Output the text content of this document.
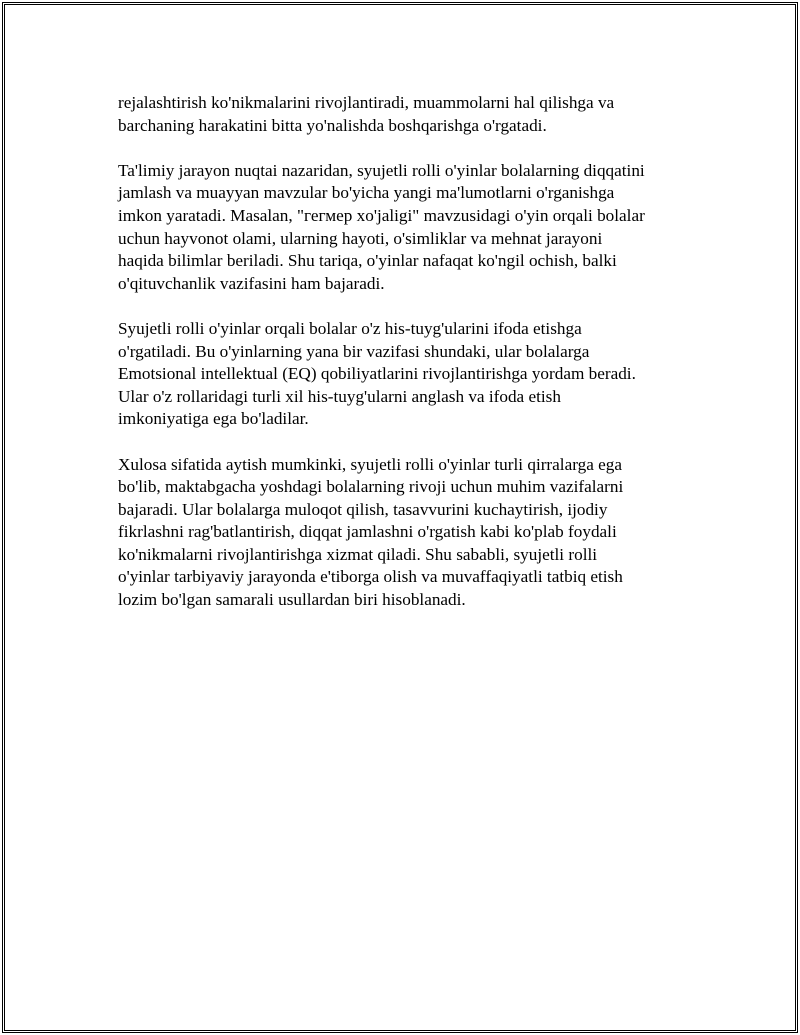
rejalashtirish ko'nikmalarini rivojlantiradi, muammolarni hal qilishga va
barchaning harakatini bitta yo'nalishda boshqarishga o'rgatadi.

Ta'limiy jarayon nuqtai nazaridan, syujetli rolli o'yinlar bolalarning diqqatini
jamlash va muayyan mavzular bo'yicha yangi ma'lumotlarni o'rganishga
imkon yaratadi. Masalan, "гегмер xo'jaligi" mavzusidagi o'yin orqali bolalar
uchun hayvonot olami, ularning hayoti, o'simliklar va mehnat jarayoni
haqida bilimlar beriladi. Shu tariqa, o'yinlar nafaqat ko'ngil ochish, balki
o'qituvchanlik vazifasini ham bajaradi.

Syujetli rolli o'yinlar orqali bolalar o'z his-tuyg'ularini ifoda etishga
o'rgatiladi. Bu o'yinlarning yana bir vazifasi shundaki, ular bolalarga
Emotsional intellektual (EQ) qobiliyatlarini rivojlantirishga yordam beradi.
Ular o'z rollaridagi turli xil his-tuyg'ularni anglash va ifoda etish
imkoniyatiga ega bo'ladilar.

Xulosa sifatida aytish mumkinki, syujetli rolli o'yinlar turli qirralarga ega
bo'lib, maktabgacha yoshdagi bolalarning rivoji uchun muhim vazifalarni
bajaradi. Ular bolalarga muloqot qilish, tasavvurini kuchaytirish, ijodiy
fikrlashni rag'batlantirish, diqqat jamlashni o'rgatish kabi ko'plab foydali
ko'nikmalarni rivojlantirishga xizmat qiladi. Shu sababli, syujetli rolli
o'yinlar tarbiyaviy jarayonda e'tiborga olish va muvaffaqiyatli tatbiq etish
lozim bo'lgan samarali usullardan biri hisoblanadi.
